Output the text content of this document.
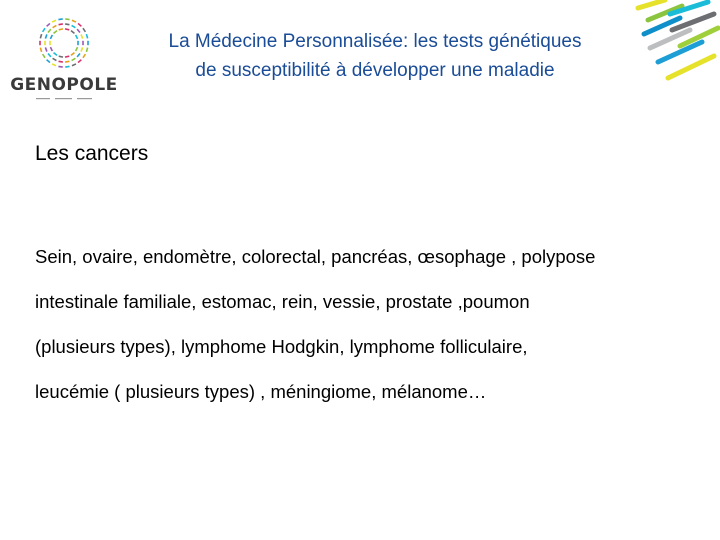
GENOPOLE
La Médecine Personnalisée: les tests génétiques
de susceptibilité à développer une maladie
Les cancers

Sein, ovaire, endomètre, colorectal, pancréas, œsophage , polypose
intestinale familiale, estomac, rein, vessie, prostate ,poumon
(plusieurs types), lymphome Hodgkin, lymphome folliculaire,
leucémie ( plusieurs types) , méningiome, mélanome…
